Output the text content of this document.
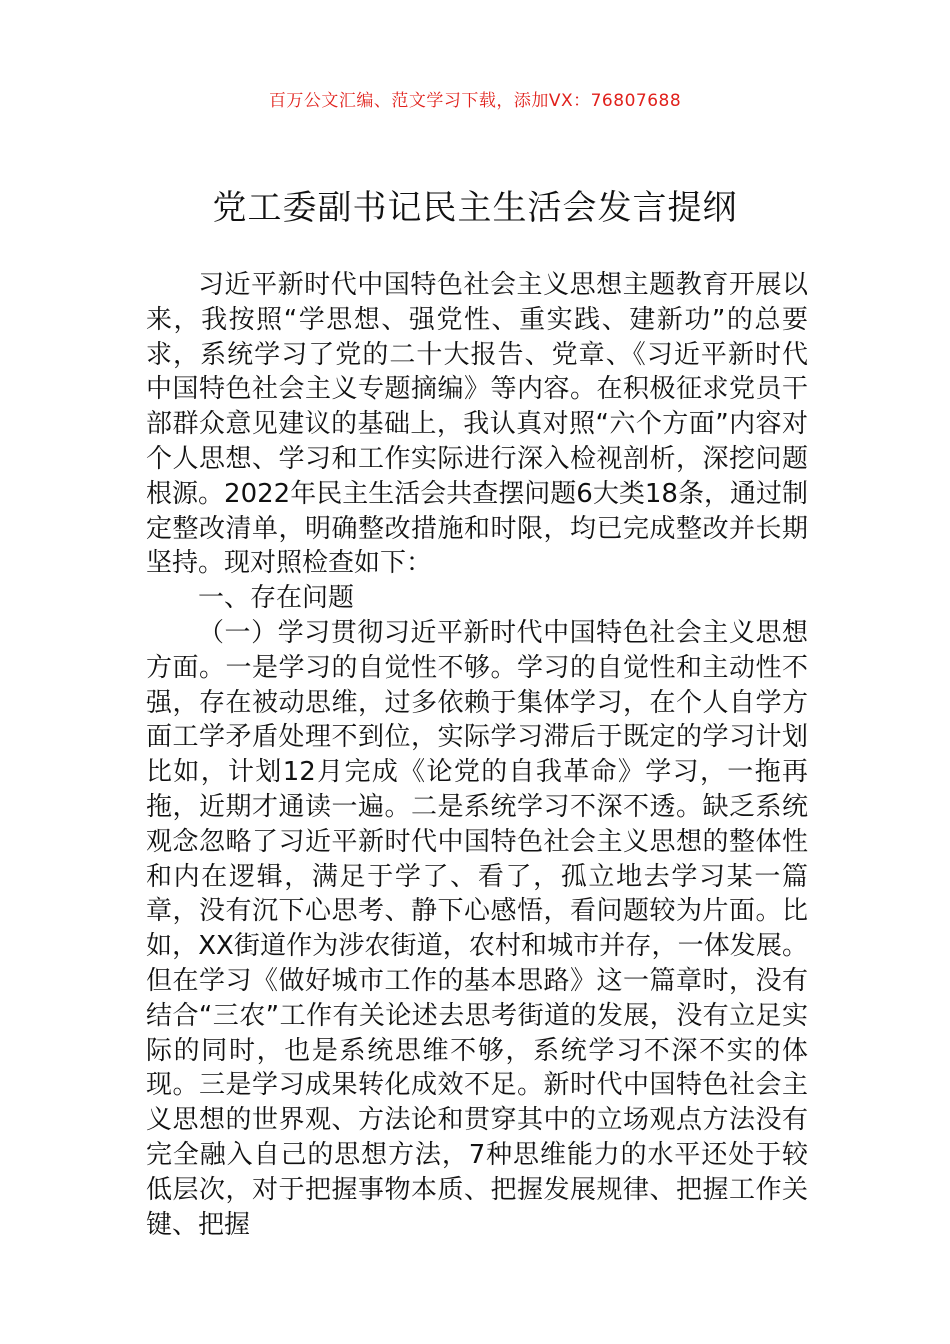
百万公文汇编、范文学习下载，添加VX：76807688
党工委副书记民主生活会发言提纲

习近平新时代中国特色社会主义思想主题教育开展以来，我按照“学思想、强党性、重实践、建新功”的总要求，系统学习了党的二十大报告、党章、《习近平新时代中国特色社会主义专题摘编》等内容。在积极征求党员干部群众意见建议的基础上，我认真对照“六个方面”内容对个人思想、学习和工作实际进行深入检视剖析，深挖问题根源。2022年民主生活会共查摆问题6大类18条，通过制定整改清单，明确整改措施和时限，均已完成整改并长期坚持。现对照检查如下：

一、存在问题

（一）学习贯彻习近平新时代中国特色社会主义思想方面。一是学习的自觉性不够。学习的自觉性和主动性不强，存在被动思维，过多依赖于集体学习，在个人自学方面工学矛盾处理不到位，实际学习滞后于既定的学习计划比如，计划12月完成《论党的自我革命》学习，一拖再拖，近期才通读一遍。二是系统学习不深不透。缺乏系统观念忽略了习近平新时代中国特色社会主义思想的整体性和内在逻辑，满足于学了、看了，孤立地去学习某一篇章，没有沉下心思考、静下心感悟，看问题较为片面。比如，XX街道作为涉农街道，农村和城市并存，一体发展。但在学习《做好城市工作的基本思路》这一篇章时，没有结合“三农”工作有关论述去思考街道的发展，没有立足实际的同时，也是系统思维不够，系统学习不深不实的体现。三是学习成果转化成效不足。新时代中国特色社会主义思想的世界观、方法论和贯穿其中的立场观点方法没有完全融入自己的思想方法，7种思维能力的水平还处于较低层次，对于把握事物本质、把握发展规律、把握工作关键、把握
